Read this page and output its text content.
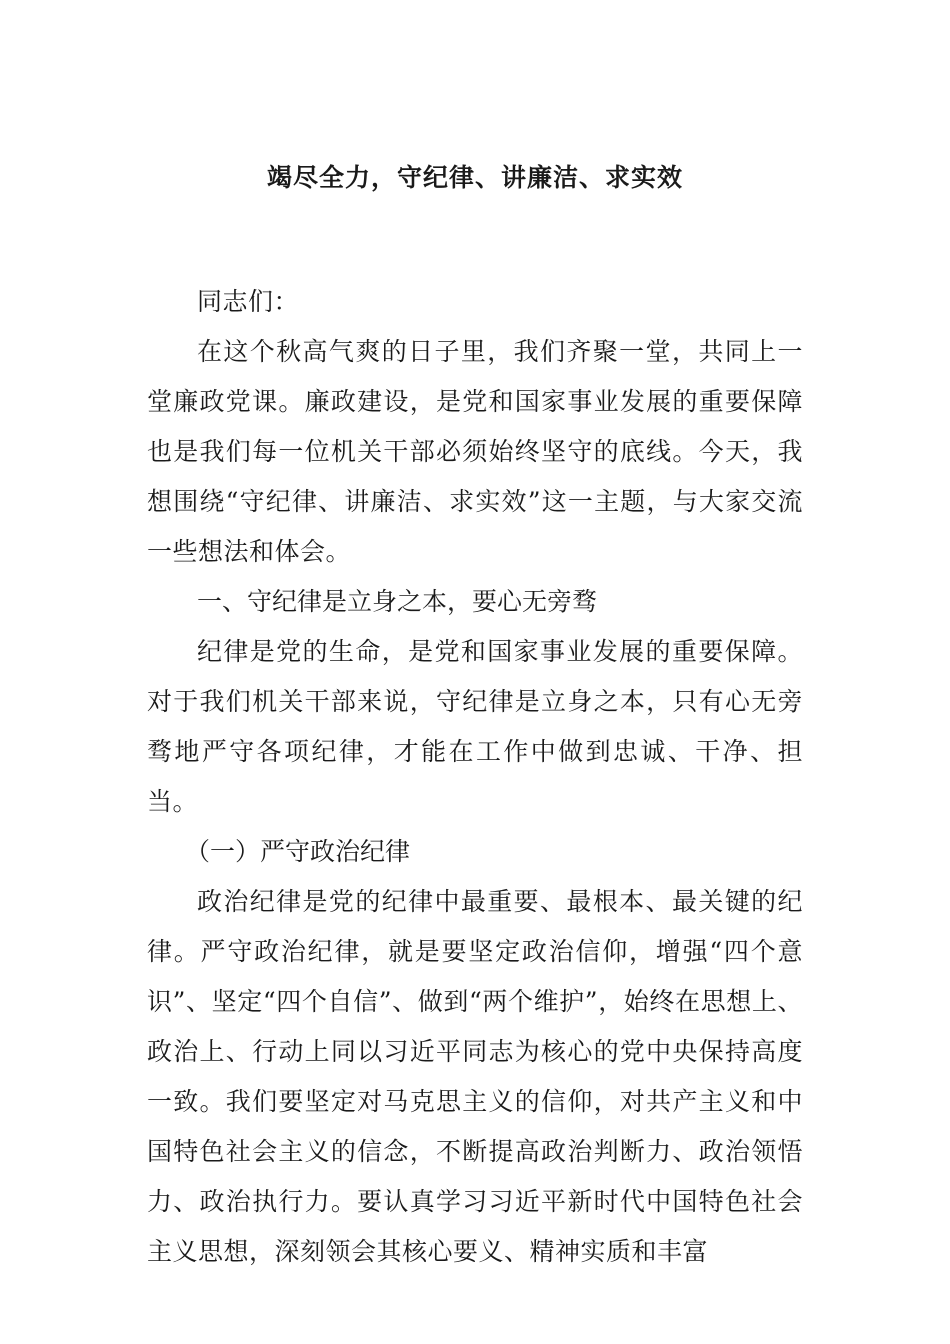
竭尽全力，守纪律、讲廉洁、求实效

同志们：

在这个秋高气爽的日子里，我们齐聚一堂，共同上一堂廉政党课。廉政建设，是党和国家事业发展的重要保障也是我们每一位机关干部必须始终坚守的底线。今天，我想围绕“守纪律、讲廉洁、求实效”这一主题，与大家交流一些想法和体会。

一、守纪律是立身之本，要心无旁骛

纪律是党的生命，是党和国家事业发展的重要保障。对于我们机关干部来说，守纪律是立身之本，只有心无旁骛地严守各项纪律，才能在工作中做到忠诚、干净、担当。

（一）严守政治纪律

政治纪律是党的纪律中最重要、最根本、最关键的纪律。严守政治纪律，就是要坚定政治信仰，增强“四个意识”、坚定“四个自信”、做到“两个维护”，始终在思想上、政治上、行动上同以习近平同志为核心的党中央保持高度一致。我们要坚定对马克思主义的信仰，对共产主义和中国特色社会主义的信念，不断提高政治判断力、政治领悟力、政治执行力。要认真学习习近平新时代中国特色社会主义思想，深刻领会其核心要义、精神实质和丰富
